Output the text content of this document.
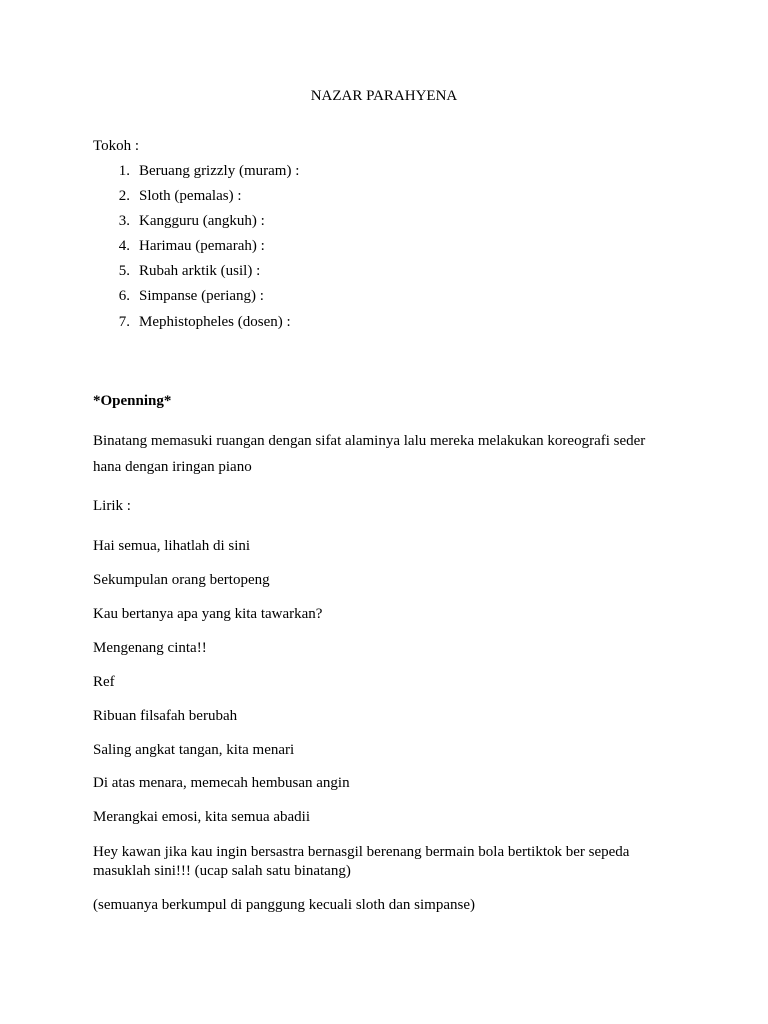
NAZAR PARAHYENA
Tokoh :
1. Beruang grizzly (muram) :
2. Sloth (pemalas) :
3. Kangguru (angkuh) :
4. Harimau (pemarah) :
5. Rubah arktik (usil) :
6. Simpanse (periang) :
7. Mephistopheles (dosen) :
*Openning*
Binatang memasuki ruangan dengan sifat alaminya lalu mereka melakukan koreografi seder
hana dengan iringan piano
Lirik :
Hai semua, lihatlah di sini
Sekumpulan orang bertopeng
Kau bertanya apa yang kita tawarkan?
Mengenang cinta!!
Ref
Ribuan filsafah berubah
Saling angkat tangan, kita menari
Di atas menara, memecah hembusan angin
Merangkai emosi, kita semua abadii
Hey kawan jika kau ingin bersastra bernasgil berenang bermain bola bertiktok ber sepeda
masuklah sini!!! (ucap salah satu binatang)
(semuanya berkumpul di panggung kecuali sloth dan simpanse)
